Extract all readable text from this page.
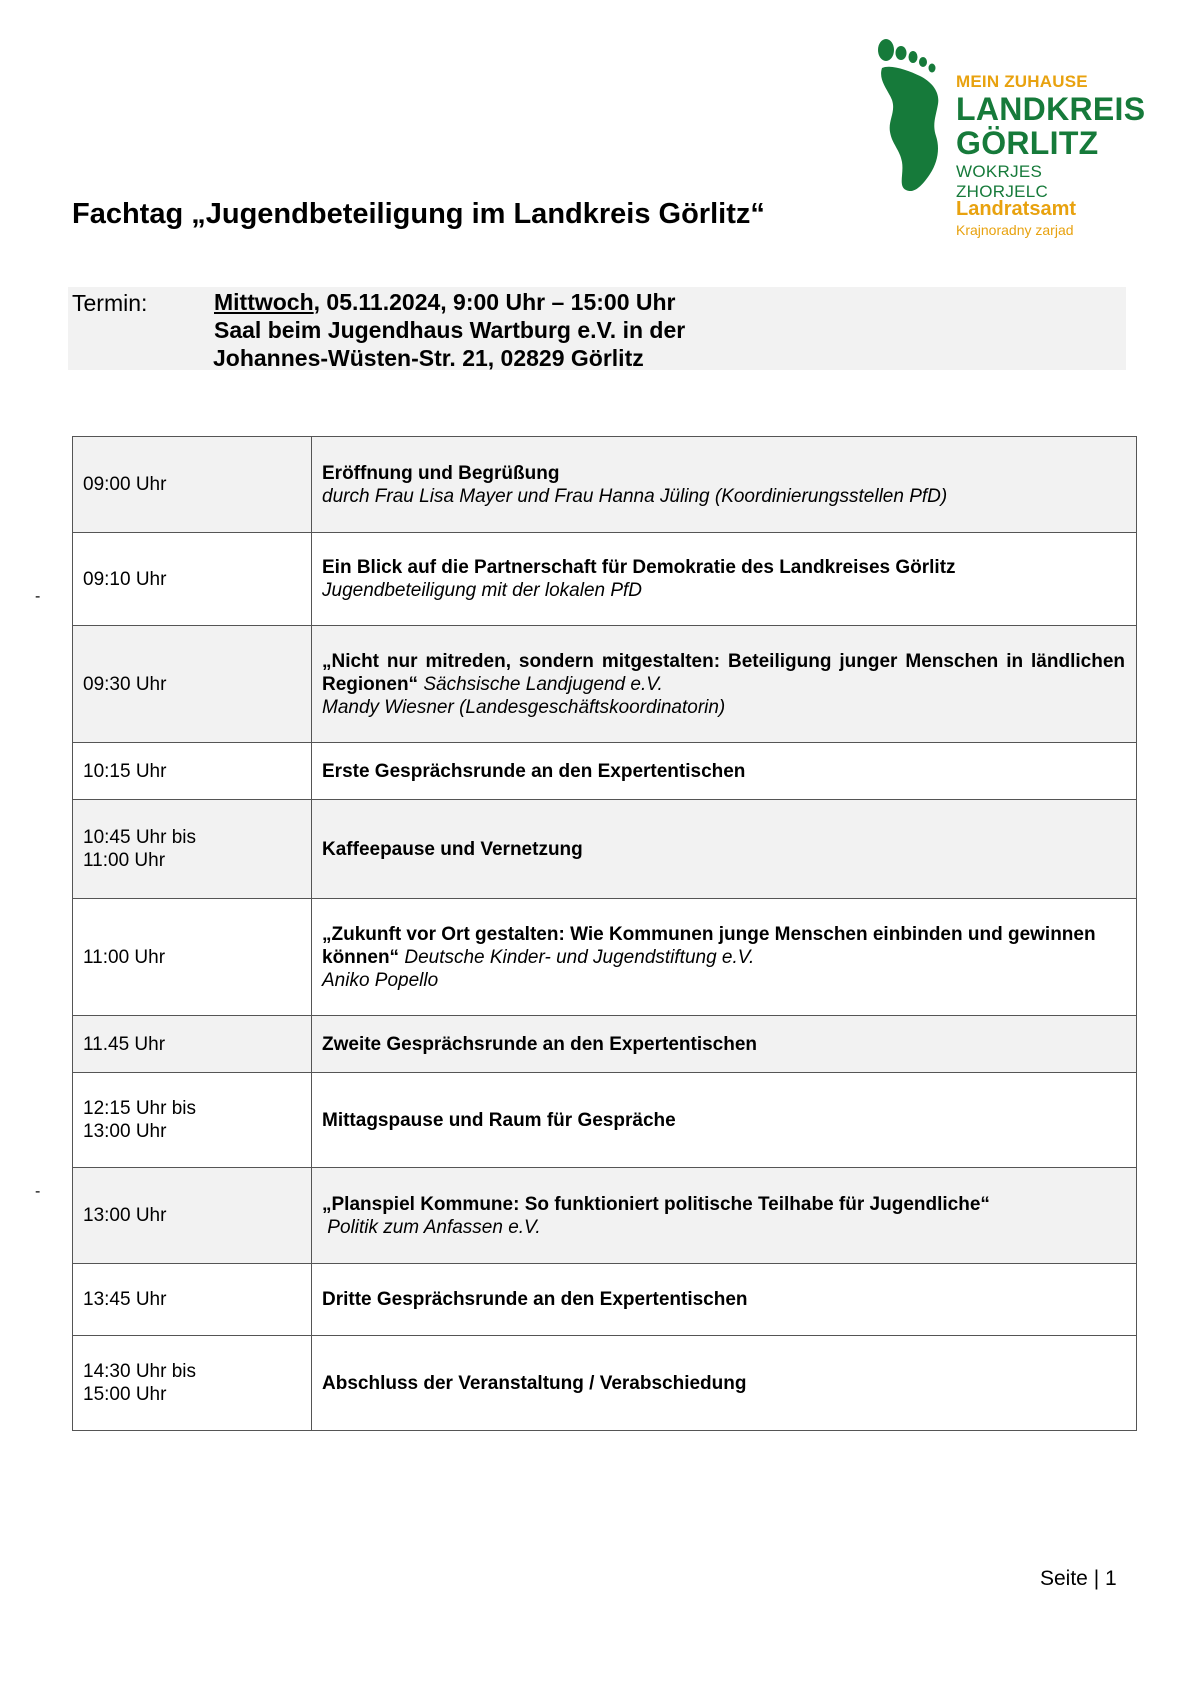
MEIN ZUHAUSE
LANDKREIS
GÖRLITZ
WOKRJES ZHORJELC
Landratsamt
Krajnoradny zarjad
Fachtag „Jugendbeteiligung im Landkreis Görlitz“
Termin:	Mittwoch, 05.11.2024, 9:00 Uhr – 15:00 Uhr
Saal beim Jugendhaus Wartburg e.V. in der
Johannes-Wüsten-Str. 21, 02829 Görlitz
-
-
09:00 Uhr	Eröffnung und Begrüßung
durch Frau Lisa Mayer und Frau Hanna Jüling (Koordinierungsstellen PfD)

09:10 Uhr	Ein Blick auf die Partnerschaft für Demokratie des Landkreises Görlitz
Jugendbeteiligung mit der lokalen PfD

09:30 Uhr	„Nicht nur mitreden, sondern mitgestalten: Beteiligung junger Menschen in ländlichen Regionen“ Sächsische Landjugend e.V.
Mandy Wiesner (Landesgeschäftskoordinatorin)

10:15 Uhr	Erste Gesprächsrunde an den Expertentischen

10:45 Uhr bis
11:00 Uhr	Kaffeepause und Vernetzung

11:00 Uhr	„Zukunft vor Ort gestalten: Wie Kommunen junge Menschen einbinden und gewinnen können“ Deutsche Kinder- und Jugendstiftung e.V.
Aniko Popello

11.45 Uhr	Zweite Gesprächsrunde an den Expertentischen

12:15 Uhr bis
13:00 Uhr	Mittagspause und Raum für Gespräche

13:00 Uhr	„Planspiel Kommune: So funktioniert politische Teilhabe für Jugendliche“
Politik zum Anfassen e.V.

13:45 Uhr	Dritte Gesprächsrunde an den Expertentischen

14:30 Uhr bis
15:00 Uhr	Abschluss der Veranstaltung / Verabschiedung
Seite | 1
